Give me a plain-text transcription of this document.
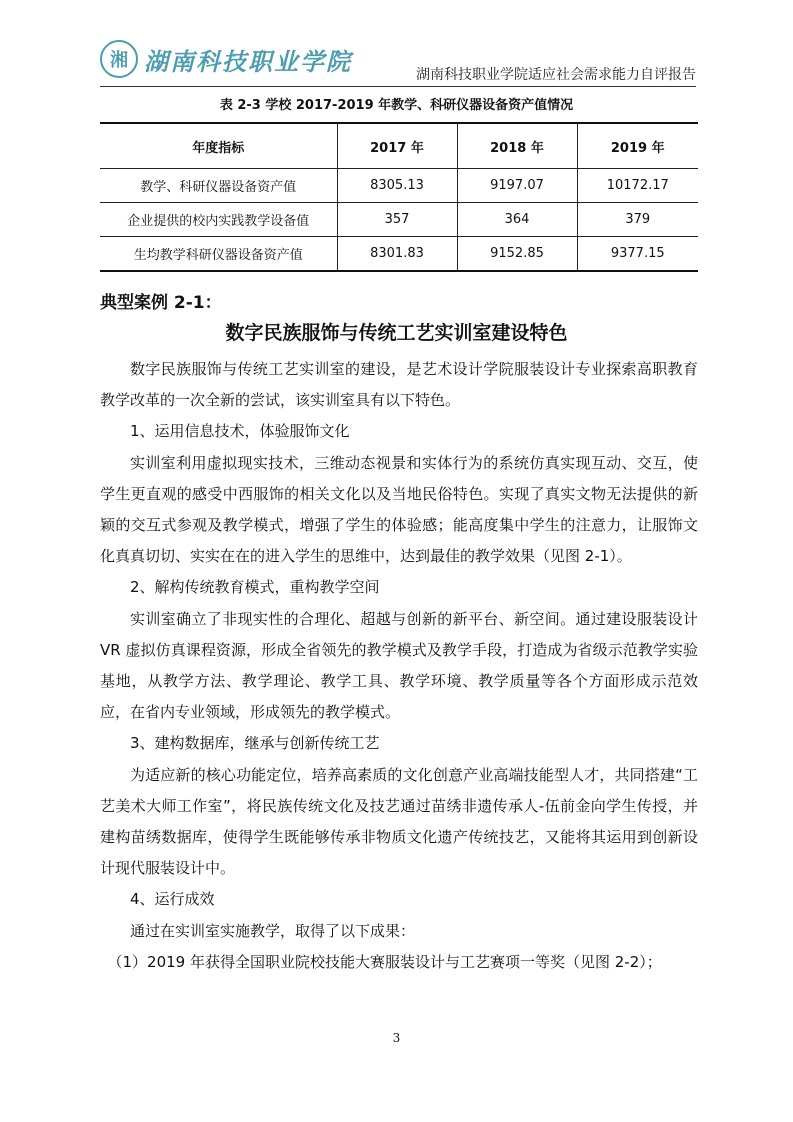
湘 湖南科技职业学院	湖南科技职业学院适应社会需求能力自评报告
表 2-3 学校 2017-2019 年教学、科研仪器设备资产值情况
年度指标	2017 年	2018 年	2019 年
教学、科研仪器设备资产值	8305.13	9197.07	10172.17
企业提供的校内实践教学设备值	357	364	379
生均教学科研仪器设备资产值	8301.83	9152.85	9377.15
典型案例 2-1：
数字民族服饰与传统工艺实训室建设特色

数字民族服饰与传统工艺实训室的建设，是艺术设计学院服装设计专业探索高职教育教学改革的一次全新的尝试，该实训室具有以下特色。

1、运用信息技术，体验服饰文化

实训室利用虚拟现实技术，三维动态视景和实体行为的系统仿真实现互动、交互，使学生更直观的感受中西服饰的相关文化以及当地民俗特色。实现了真实文物无法提供的新颖的交互式参观及教学模式，增强了学生的体验感；能高度集中学生的注意力，让服饰文化真真切切、实实在在的进入学生的思维中，达到最佳的教学效果（见图 2-1）。

2、解构传统教育模式，重构教学空间

实训室确立了非现实性的合理化、超越与创新的新平台、新空间。通过建设服装设计 VR 虚拟仿真课程资源，形成全省领先的教学模式及教学手段，打造成为省级示范教学实验基地，从教学方法、教学理论、教学工具、教学环境、教学质量等各个方面形成示范效应，在省内专业领域，形成领先的教学模式。

3、建构数据库，继承与创新传统工艺

为适应新的核心功能定位，培养高素质的文化创意产业高端技能型人才，共同搭建“工艺美术大师工作室”，将民族传统文化及技艺通过苗绣非遗传承人-伍前金向学生传授，并建构苗绣数据库，使得学生既能够传承非物质文化遗产传统技艺，又能将其运用到创新设计现代服装设计中。

4、运行成效

通过在实训室实施教学，取得了以下成果：

（1）2019 年获得全国职业院校技能大赛服装设计与工艺赛项一等奖（见图 2-2）；

3
